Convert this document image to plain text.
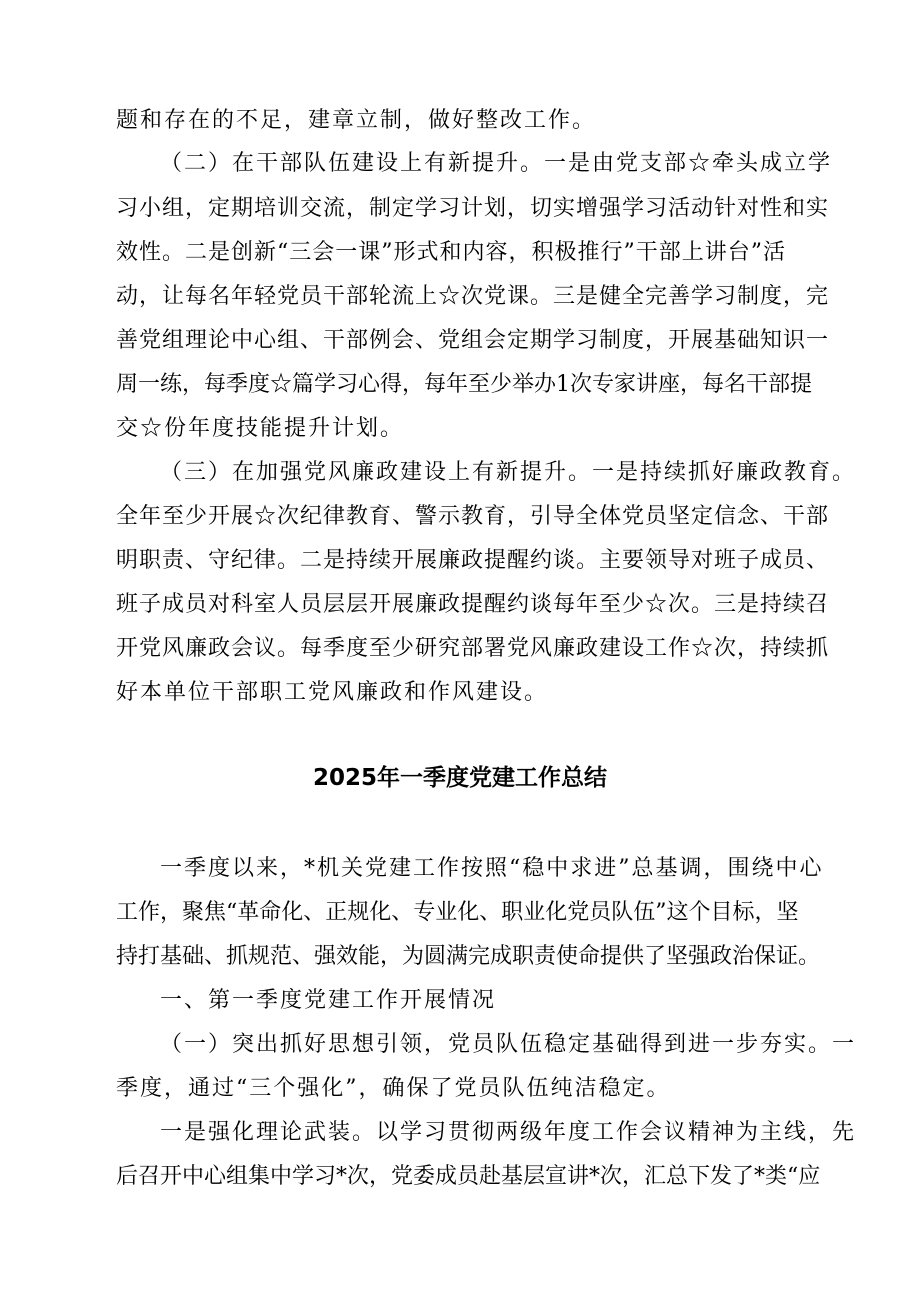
题和存在的不足，建章立制，做好整改工作。
（二）在干部队伍建设上有新提升。一是由党支部☆牵头成立学
习小组，定期培训交流，制定学习计划，切实增强学习活动针对性和实
效性。二是创新“三会一课”形式和内容，积极推行”干部上讲台”活
动，让每名年轻党员干部轮流上☆次党课。三是健全完善学习制度，完
善党组理论中心组、干部例会、党组会定期学习制度，开展基础知识一
周一练，每季度☆篇学习心得，每年至少举办1次专家讲座，每名干部提
交☆份年度技能提升计划。
（三）在加强党风廉政建设上有新提升。一是持续抓好廉政教育。
全年至少开展☆次纪律教育、警示教育，引导全体党员坚定信念、干部
明职责、守纪律。二是持续开展廉政提醒约谈。主要领导对班子成员、
班子成员对科室人员层层开展廉政提醒约谈每年至少☆次。三是持续召
开党风廉政会议。每季度至少研究部署党风廉政建设工作☆次，持续抓
好本单位干部职工党风廉政和作风建设。
2025年一季度党建工作总结
一季度以来，*机关党建工作按照“稳中求进”总基调，围绕中心
工作，聚焦“革命化、正规化、专业化、职业化党员队伍”这个目标，坚
持打基础、抓规范、强效能，为圆满完成职责使命提供了坚强政治保证。
一、第一季度党建工作开展情况
（一）突出抓好思想引领，党员队伍稳定基础得到进一步夯实。一
季度，通过“三个强化”，确保了党员队伍纯洁稳定。
一是强化理论武装。以学习贯彻两级年度工作会议精神为主线，先
后召开中心组集中学习*次，党委成员赴基层宣讲*次，汇总下发了*类“应
